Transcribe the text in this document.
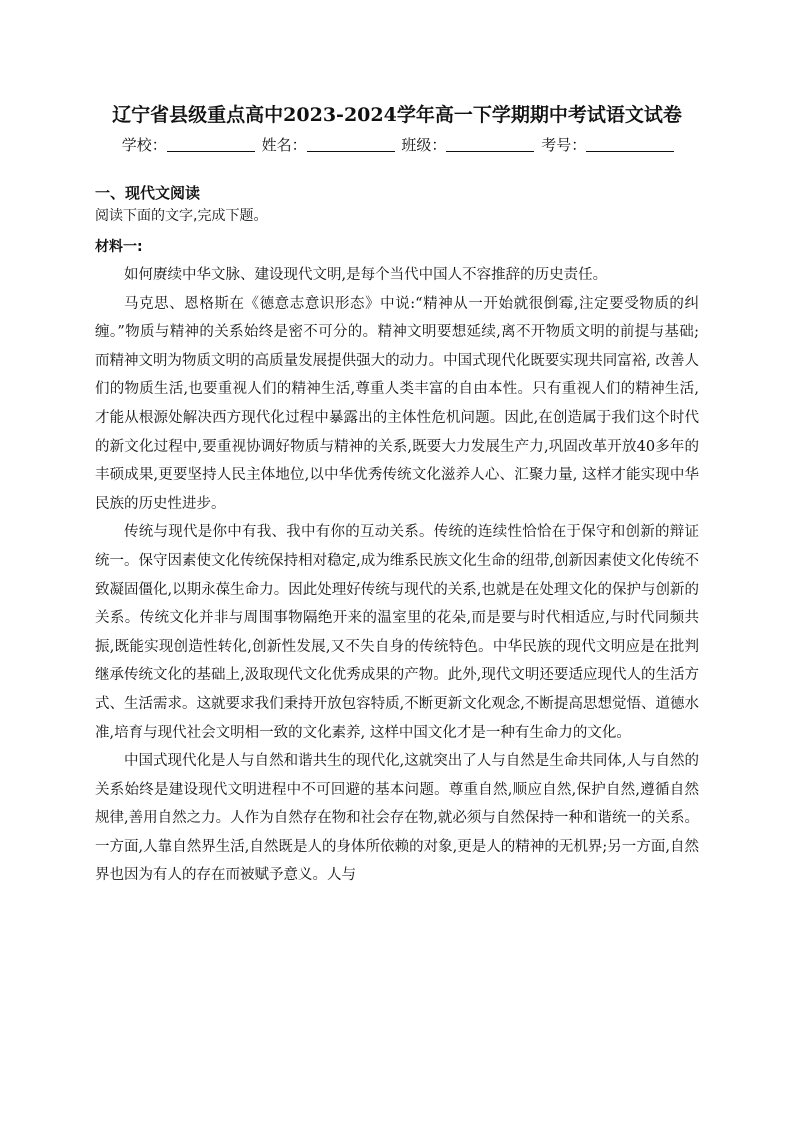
辽宁省县级重点高中2023-2024学年高一下学期期中考试语文试卷
学校：	姓名：	班级：	考号：
一、现代文阅读
阅读下面的文字,完成下题。
材料一:

如何赓续中华文脉、建设现代文明,是每个当代中国人不容推辞的历史责任。

马克思、恩格斯在《德意志意识形态》中说:“精神从一开始就很倒霉,注定要受物质的纠缠。”物质与精神的关系始终是密不可分的。精神文明要想延续,离不开物质文明的前提与基础;而精神文明为物质文明的高质量发展提供强大的动力。中国式现代化既要实现共同富裕, 改善人们的物质生活,也要重视人们的精神生活,尊重人类丰富的自由本性。只有重视人们的精神生活,才能从根源处解决西方现代化过程中暴露出的主体性危机问题。因此,在创造属于我们这个时代的新文化过程中,要重视协调好物质与精神的关系,既要大力发展生产力,巩固改革开放40多年的丰硕成果,更要坚持人民主体地位,以中华优秀传统文化滋养人心、汇聚力量, 这样才能实现中华民族的历史性进步。

传统与现代是你中有我、我中有你的互动关系。传统的连续性恰恰在于保守和创新的辩证统一。保守因素使文化传统保持相对稳定,成为维系民族文化生命的纽带,创新因素使文化传统不致凝固僵化,以期永葆生命力。因此处理好传统与现代的关系,也就是在处理文化的保护与创新的关系。传统文化并非与周围事物隔绝开来的温室里的花朵,而是要与时代相适应,与时代同频共振,既能实现创造性转化,创新性发展,又不失自身的传统特色。中华民族的现代文明应是在批判继承传统文化的基础上,汲取现代文化优秀成果的产物。此外,现代文明还要适应现代人的生活方式、生活需求。这就要求我们秉持开放包容特质,不断更新文化观念,不断提高思想觉悟、道德水准,培育与现代社会文明相一致的文化素养, 这样中国文化才是一种有生命力的文化。

中国式现代化是人与自然和谐共生的现代化,这就突出了人与自然是生命共同体,人与自然的关系始终是建设现代文明进程中不可回避的基本问题。尊重自然,顺应自然,保护自然,遵循自然规律,善用自然之力。人作为自然存在物和社会存在物,就必须与自然保持一种和谐统一的关系。一方面,人靠自然界生活,自然既是人的身体所依赖的对象,更是人的精神的无机界;另一方面,自然界也因为有人的存在而被赋予意义。人与
